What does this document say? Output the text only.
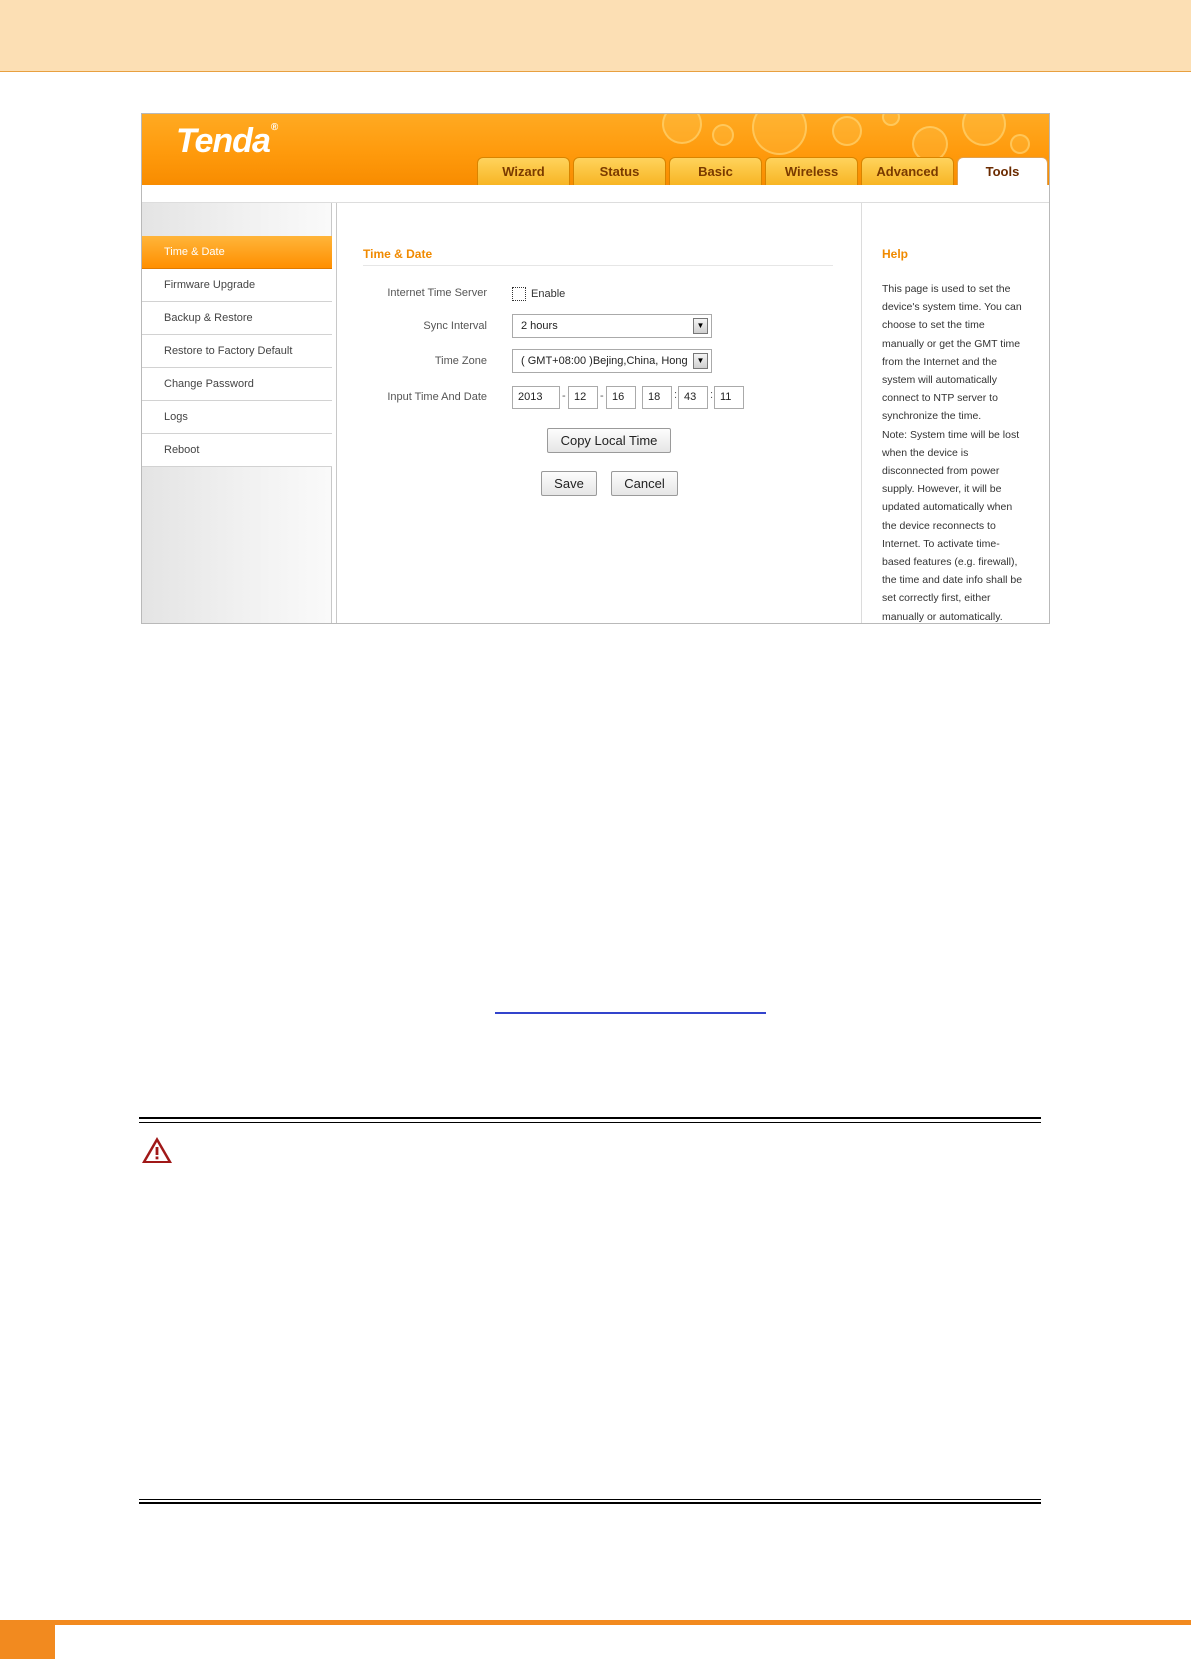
Tenda®
Wizard	Status	Basic	Wireless	Advanced	Tools
Time & Date
Firmware Upgrade
Backup & Restore
Restore to Factory Default
Change Password
Logs
Reboot
Time & Date
Internet Time Server	Enable
Sync Interval	2 hours	▼
Time Zone	( GMT+08:00 )Bejing,China, Hong	▼
Input Time And Date	2013	- 12	- 16	18	: 43	: 11
Copy Local Time
Save	Cancel
Help
This page is used to set the
device's system time. You can
choose to set the time
manually or get the GMT time
from the Internet and the
system will automatically
connect to NTP server to
synchronize the time.
Note: System time will be lost
when the device is
disconnected from power
supply. However, it will be
updated automatically when
the device reconnects to
Internet. To activate time-
based features (e.g. firewall),
the time and date info shall be
set correctly first, either
manually or automatically.
